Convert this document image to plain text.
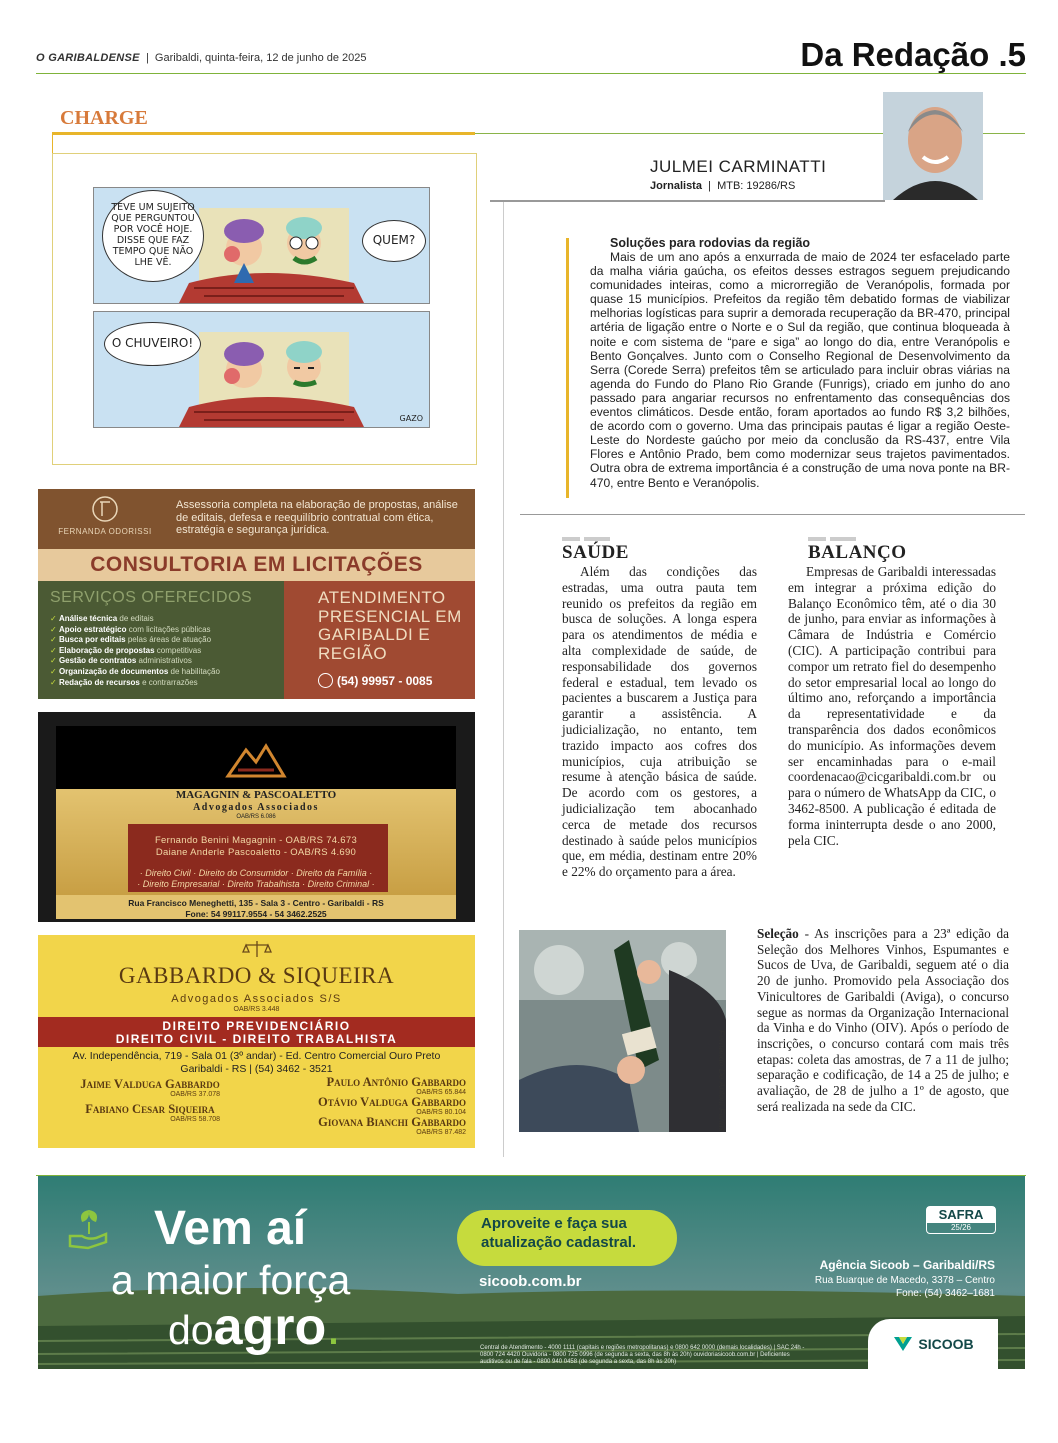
O GARIBALDENSE  |  Garibaldi, quinta-feira, 12 de junho de 2025	Da Redação .5
CHARGE
TEVE UM SUJEITO QUE PERGUNTOU POR VOCÊ HOJE. DISSE QUE FAZ TEMPO QUE NÃO LHE VÊ.
QUEM?
O CHUVEIRO!
GAZO
JULMEI CARMINATTI
Jornalista  |  MTB: 19286/RS
Soluções para rodovias da região

Mais de um ano após a enxurrada de maio de 2024 ter esfacelado parte da malha viária gaúcha, os efeitos desses estragos seguem prejudicando comunidades inteiras, como a microrregião de Veranópolis, formada por quase 15 municípios. Prefeitos da região têm debatido formas de viabilizar melhorias logísticas para suprir a demorada recuperação da BR-470, principal artéria de ligação entre o Norte e o Sul da região, que continua bloqueada à noite e com sistema de “pare e siga” ao longo do dia, entre Veranópolis e Bento Gonçalves. Junto com o Conselho Regional de Desenvolvimento da Serra (Corede Serra) prefeitos têm se articulado para incluir obras viárias na agenda do Fundo do Plano Rio Grande (Funrigs), criado em junho do ano passado para angariar recursos no enfrentamento das consequências dos eventos climáticos. Desde então, foram aportados ao fundo R$ 3,2 bilhões, de acordo com o governo. Uma das principais pautas é ligar a região Oeste-Leste do Nordeste gaúcho por meio da conclusão da RS-437, entre Vila Flores e Antônio Prado, bem como modernizar seus trajetos pavimentados. Outra obra de extrema importância é a construção de uma nova ponte na BR-470, entre Bento e Veranópolis.

SAÚDE

Além das condições das estradas, uma outra pauta tem reunido os prefeitos da região em busca de soluções. A longa espera para os atendimentos de média e alta complexidade de saúde, de responsabilidade dos governos federal e estadual, tem levado os pacientes a buscarem a Justiça para garantir a assistência. A judicialização, no entanto, tem trazido impacto aos cofres dos municípios, cuja atribuição se resume à atenção básica de saúde. De acordo com os gestores, a judicialização tem abocanhado cerca de metade dos recursos destinado à saúde pelos municípios que, em média, destinam entre 20% e 22% do orçamento para a área.

BALANÇO

Empresas de Garibaldi interessadas em integrar a próxima edição do Balanço Econômico têm, até o dia 30 de junho, para enviar as informações à Câmara de Indústria e Comércio (CIC). A participação contribui para compor um retrato fiel do desempenho do setor empresarial local ao longo do último ano, reforçando a importância da representatividade e da transparência dos dados econômicos do município. As informações devem ser encaminhadas para o e-mail coordenacao@cicgaribaldi.com.br ou para o número de WhatsApp da CIC, o 3462-8500. A publicação é editada de forma ininterrupta desde o ano 2000, pela CIC.

Fernando De Antoni Farias
Seleção - As inscrições para a 23ª edição da Seleção dos Melhores Vinhos, Espumantes e Sucos de Uva, de Garibaldi, seguem até o dia 20 de junho. Promovido pela Associação dos Vinicultores de Garibaldi (Aviga), o concurso segue as normas da Organização Internacional da Vinha e do Vinho (OIV). Após o período de inscrições, o concurso contará com mais três etapas: coleta das amostras, de 7 a 11 de julho; separação e codificação, de 14 a 25 de julho; e avaliação, de 28 de julho a 1º de agosto, que será realizada na sede da CIC.
FERNANDA ODORISSI
Assessoria completa na elaboração de propostas, análise de editais, defesa e reequilíbrio contratual com ética, estratégia e segurança jurídica.
CONSULTORIA EM LICITAÇÕES
SERVIÇOS OFERECIDOS
✓ Análise técnica de editais
✓ Apoio estratégico com licitações públicas
✓ Busca por editais pelas áreas de atuação
✓ Elaboração de propostas competitivas
✓ Gestão de contratos administrativos
✓ Organização de documentos de habilitação
✓ Redação de recursos e contrarrazões
ATENDIMENTO PRESENCIAL EM GARIBALDI E REGIÃO
(54) 99957 - 0085
MAGAGNIN & PASCOALETTO
Advogados Associados
OAB/RS 6.086
Fernando Benini Magagnin - OAB/RS 74.673
Daiane Anderle Pascoaletto - OAB/RS 4.690
· Direito Civil · Direito do Consumidor · Direito da Família ·
· Direito Empresarial · Direito Trabalhista · Direito Criminal ·
Rua Francisco Meneghetti, 135 - Sala 3 - Centro - Garibaldi - RS
Fone: 54 99117.9554 - 54 3462.2525
GABBARDO & SIQUEIRA
Advogados Associados S/S
OAB/RS 3.448
DIREITO PREVIDENCIÁRIO
DIREITO CIVIL - DIREITO TRABALHISTA
Av. Independência, 719 - Sala 01 (3º andar) - Ed. Centro Comercial Ouro Preto
Garibaldi - RS | (54) 3462 - 3521
Jaime Valduga Gabbardo
OAB/RS 37.078
Fabiano Cesar Siqueira
OAB/RS 58.708
Paulo Antônio Gabbardo
OAB/RS 65.844
Otávio Valduga Gabbardo
OAB/RS 80.104
Giovana Bianchi Gabbardo
OAB/RS 87.482
Vem aí
a maior força
doagro.
Aproveite e faça sua atualização cadastral.
sicoob.com.br
Central de Atendimento - 4000 1111 (capitais e regiões metropolitanas) e 0800 642 0000 (demais localidades) | SAC 24h - 0800 724 4420 Ouvidoria - 0800 725 0996 (de segunda a sexta, das 8h às 20h) ouvidoriasicoob.com.br | Deficientes auditivos ou de fala - 0800 940 0458 (de segunda a sexta, das 8h às 20h)
SAFRA
25/26
Agência Sicoob – Garibaldi/RS
Rua Buarque de Macedo, 3378 – Centro
Fone: (54) 3462–1681
SICOOB
